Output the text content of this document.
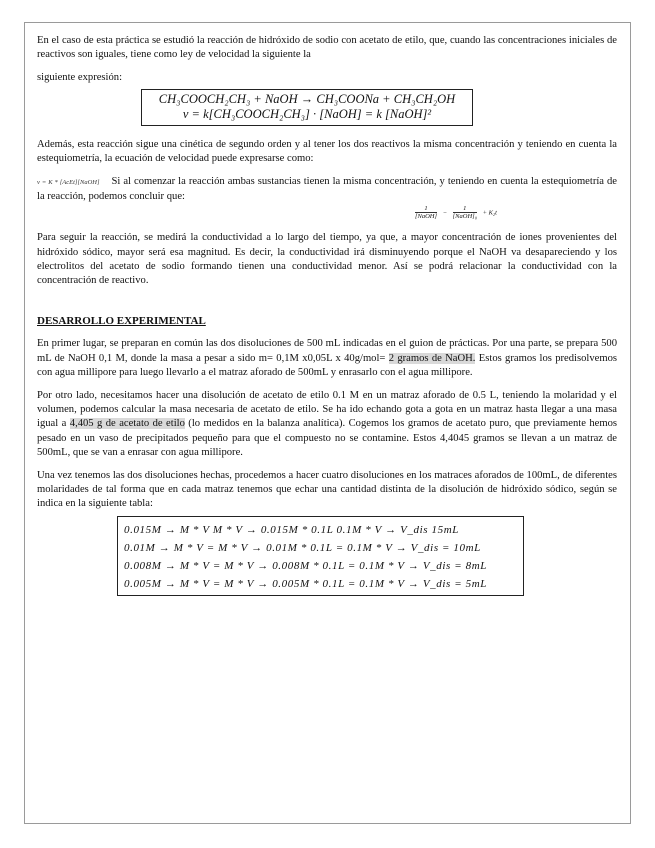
En el caso de esta práctica se estudió la reacción de hidróxido de sodio con acetato de etilo, que, cuando las concentraciones iniciales de reactivos son iguales, tiene como ley de velocidad la siguiente la

siguiente expresión:

CH₃COOCH₂CH₃ + NaOH → CH₃COONa + CH₃CH₂OH
v = k[CH₃COOCH₂CH₃] · [NaOH] = k [NaOH]²

Además, esta reacción sigue una cinética de segundo orden y al tener los dos reactivos la misma concentración y teniendo en cuenta la estequiometría, la ecuación de velocidad puede expresarse como:

v = K * [AcEt][NaOH] Si al comenzar la reacción ambas sustancias tienen la misma concentración, y teniendo en cuenta la estequiometría de la reacción, podemos concluir que:

$\frac{1}{\text{[NaOH]}} - \frac{1}{\text{[NaOH]₀}} + K_2t$

Para seguir la reacción, se medirá la conductividad a lo largo del tiempo, ya que, a mayor concentración de iones provenientes del hidróxido sódico, mayor será esa magnitud. Es decir, la conductividad irá disminuyendo porque el NaOH va desapareciendo y los electrolitos del acetato de sodio formando tienen una conductividad menor. Así se podrá relacionar la conductividad con la concentración de reactivo.

DESARROLLO EXPERIMENTAL

En primer lugar, se preparan en común las dos disoluciones de 500 mL indicadas en el guion de prácticas. Por una parte, se prepara 500 mL de NaOH 0,1 M, donde la masa a pesar a sido m= 0,1M x0,05L x 40g/mol= 2 gramos de NaOH. Estos gramos los predisolvemos con agua millipore para luego llevarlo a el matraz aforado de 500mL y enrasarlo con el agua millipore.

Por otro lado, necesitamos hacer una disolución de acetato de etilo 0.1 M en un matraz aforado de 0.5 L, teniendo la molaridad y el volumen, podemos calcular la masa necesaria de acetato de etilo. Se ha ido echando gota a gota en un matraz hasta llegar a una masa igual a 4,405 g de acetato de etilo (lo medidos en la balanza analítica). Cogemos los gramos de acetato puro, que previamente hemos pesado en un vaso de precipitados pequeño para que el compuesto no se contamine. Estos 4,4045 gramos se llevan a un matraz de 500mL, que se van a enrasar con agua millipore.

Una vez tenemos las dos disoluciones hechas, procedemos a hacer cuatro disoluciones en los matraces aforados de 100mL, de diferentes molaridades de tal forma que en cada matraz tenemos que echar una cantidad distinta de la disolución de hidróxido sódico, según se indica en la siguiente tabla:

0.015M → M * V M * V → 0.015M * 0.1L 0.1M * V → V_dis 15mL
0.01M → M * V = M * V → 0.01M * 0.1L = 0.1M * V → V_dis = 10mL
0.008M → M * V = M * V → 0.008M * 0.1L = 0.1M * V → V_dis = 8mL
0.005M → M * V = M * V → 0.005M * 0.1L = 0.1M * V → V_dis = 5mL
